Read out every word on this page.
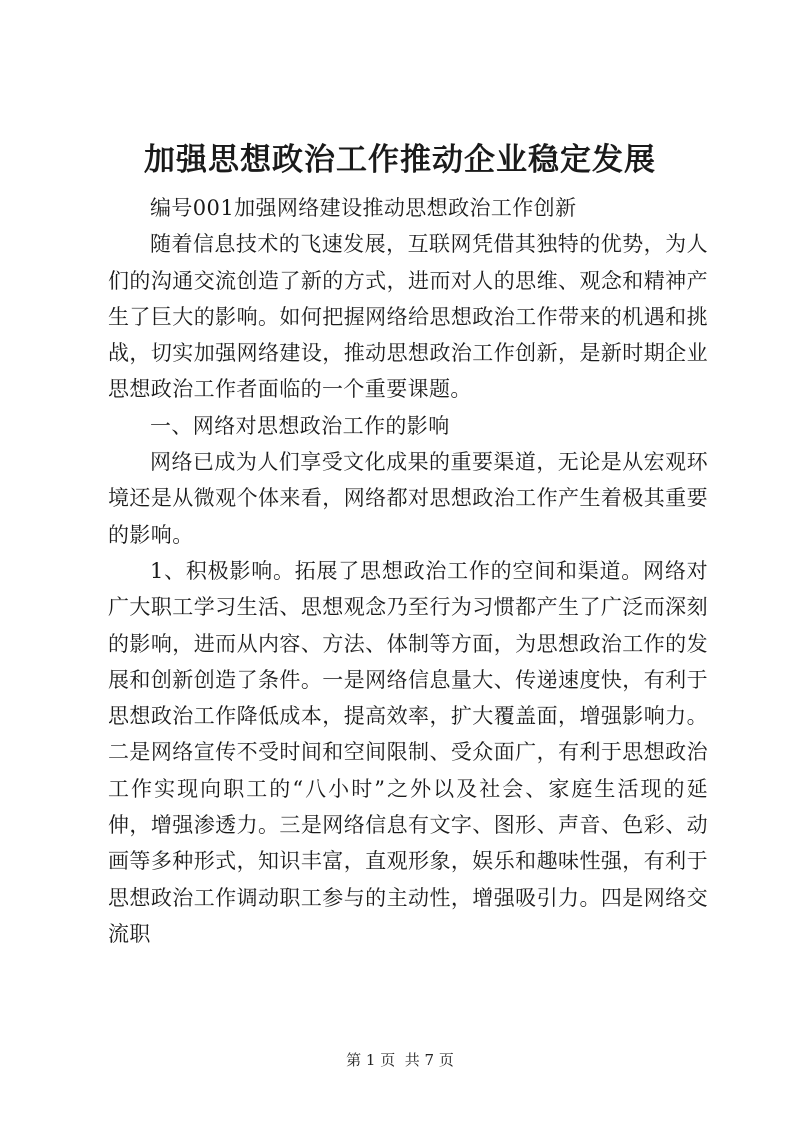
加强思想政治工作推动企业稳定发展

编号001加强网络建设推动思想政治工作创新

随着信息技术的飞速发展，互联网凭借其独特的优势，为人们的沟通交流创造了新的方式，进而对人的思维、观念和精神产生了巨大的影响。如何把握网络给思想政治工作带来的机遇和挑战，切实加强网络建设，推动思想政治工作创新，是新时期企业思想政治工作者面临的一个重要课题。

一、网络对思想政治工作的影响

网络已成为人们享受文化成果的重要渠道，无论是从宏观环境还是从微观个体来看，网络都对思想政治工作产生着极其重要的影响。

1、积极影响。拓展了思想政治工作的空间和渠道。网络对广大职工学习生活、思想观念乃至行为习惯都产生了广泛而深刻的影响，进而从内容、方法、体制等方面，为思想政治工作的发展和创新创造了条件。一是网络信息量大、传递速度快，有利于思想政治工作降低成本，提高效率，扩大覆盖面，增强影响力。二是网络宣传不受时间和空间限制、受众面广，有利于思想政治工作实现向职工的“八小时”之外以及社会、家庭生活现的延伸，增强渗透力。三是网络信息有文字、图形、声音、色彩、动画等多种形式，知识丰富，直观形象，娱乐和趣味性强，有利于思想政治工作调动职工参与的主动性，增强吸引力。四是网络交流职

第 1 页  共 7 页
